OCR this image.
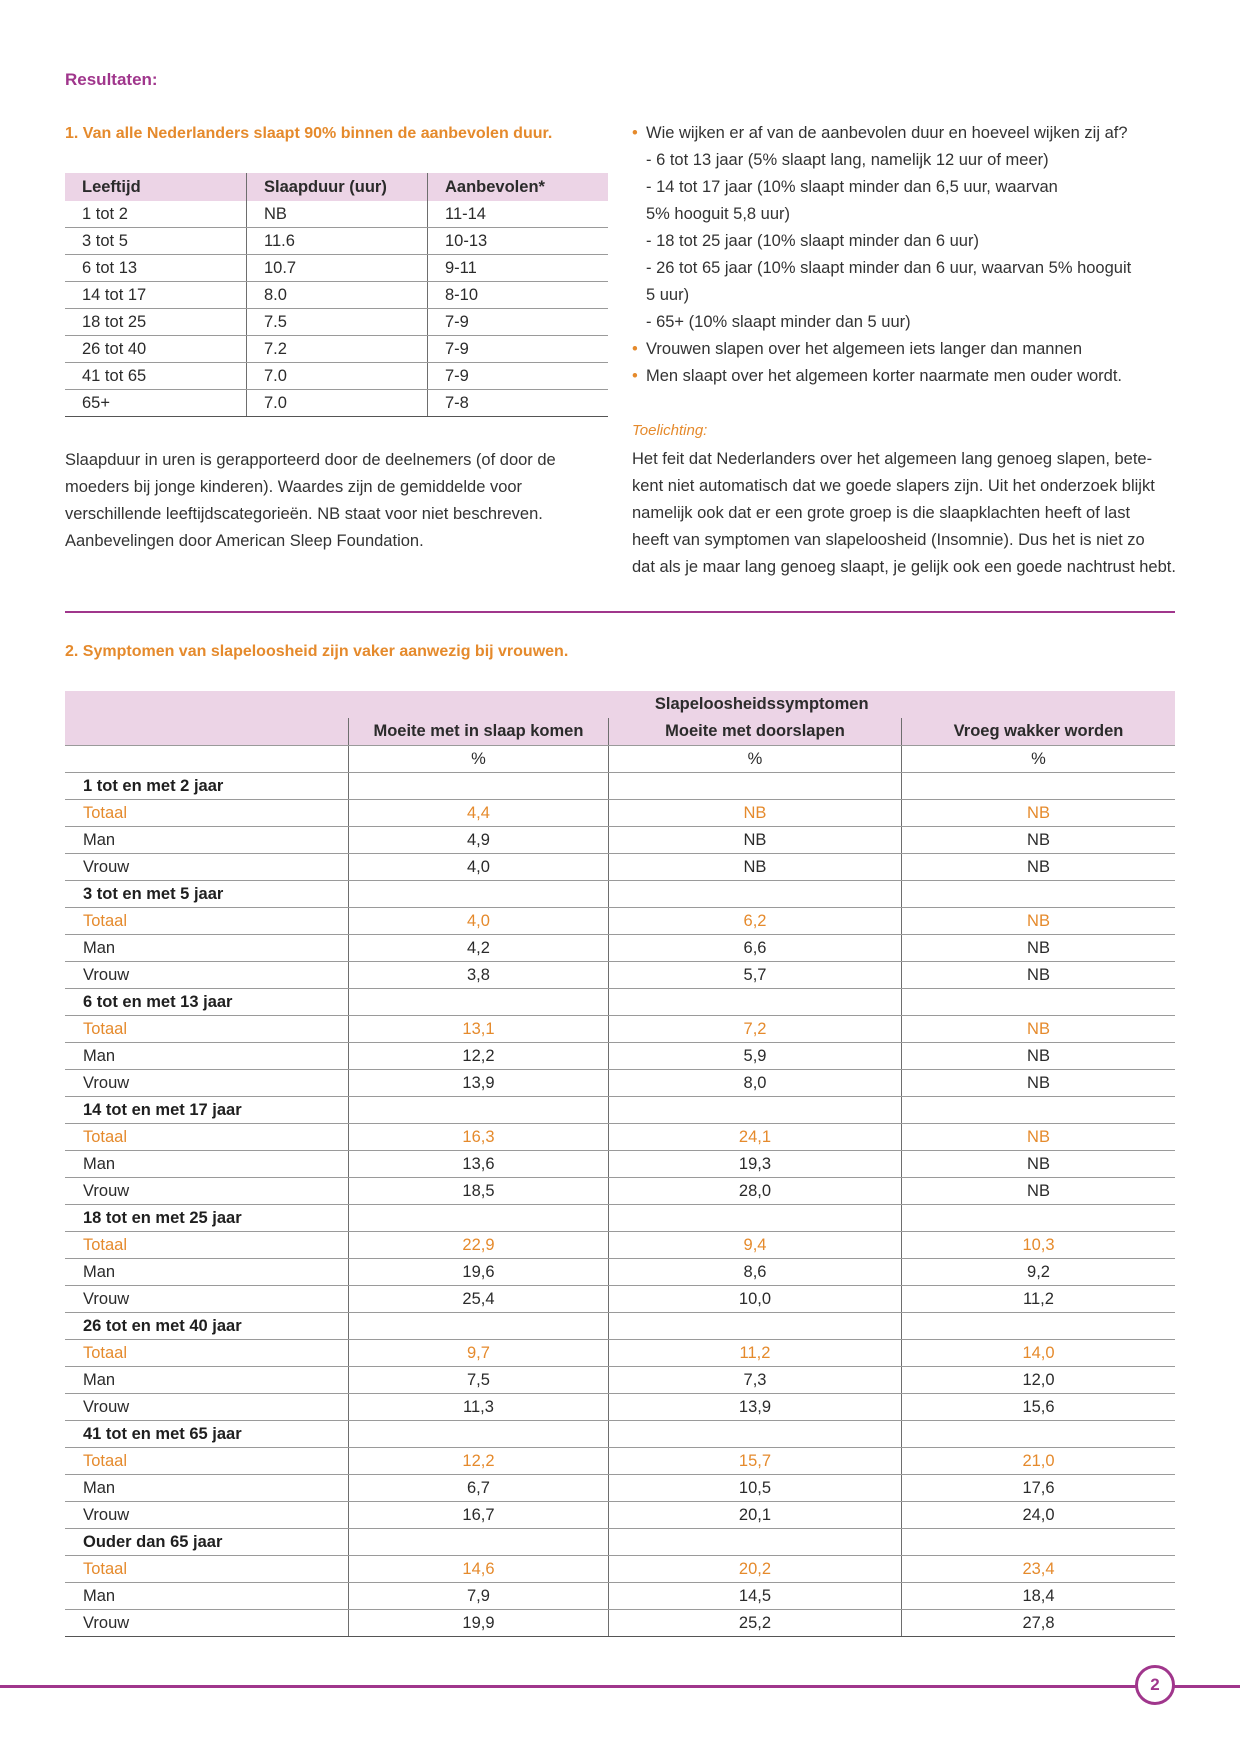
Resultaten:
1. Van alle Nederlanders slaapt 90% binnen de aanbevolen duur.
Leeftijd	Slaapduur (uur)	Aanbevolen*
1 tot 2	NB	11-14
3 tot 5	11.6	10-13
6 tot 13	10.7	9-11
14 tot 17	8.0	8-10
18 tot 25	7.5	7-9
26 tot 40	7.2	7-9
41 tot 65	7.0	7-9
65+	7.0	7-8
Slaapduur in uren is gerapporteerd door de deelnemers (of door de
moeders bij jonge kinderen). Waardes zijn de gemiddelde voor
verschillende leeftijdscategorieën. NB staat voor niet beschreven.
Aanbevelingen door American Sleep Foundation.
• Wie wijken er af van de aanbevolen duur en hoeveel wijken zij af?
- 6 tot 13 jaar (5% slaapt lang, namelijk 12 uur of meer)
- 14 tot 17 jaar (10% slaapt minder dan 6,5 uur, waarvan
5% hooguit 5,8 uur)
- 18 tot 25 jaar (10% slaapt minder dan 6 uur)
- 26 tot 65 jaar (10% slaapt minder dan 6 uur, waarvan 5% hooguit
5 uur)
- 65+ (10% slaapt minder dan 5 uur)
• Vrouwen slapen over het algemeen iets langer dan mannen
• Men slaapt over het algemeen korter naarmate men ouder wordt.
Toelichting:
Het feit dat Nederlanders over het algemeen lang genoeg slapen, bete-
kent niet automatisch dat we goede slapers zijn. Uit het onderzoek blijkt
namelijk ook dat er een grote groep is die slaapklachten heeft of last
heeft van symptomen van slapeloosheid (Insomnie). Dus het is niet zo
dat als je maar lang genoeg slaapt, je gelijk ook een goede nachtrust hebt.
2. Symptomen van slapeloosheid zijn vaker aanwezig bij vrouwen.
	Slapeloosheidssymptomen		
	Moeite met in slaap komen	Moeite met doorslapen	Vroeg wakker worden
	%	%	%
1 tot en met 2 jaar			
Totaal	4,4	NB	NB
Man	4,9	NB	NB
Vrouw	4,0	NB	NB
3 tot en met 5 jaar			
Totaal	4,0	6,2	NB
Man	4,2	6,6	NB
Vrouw	3,8	5,7	NB
6 tot en met 13 jaar			
Totaal	13,1	7,2	NB
Man	12,2	5,9	NB
Vrouw	13,9	8,0	NB
14 tot en met 17 jaar			
Totaal	16,3	24,1	NB
Man	13,6	19,3	NB
Vrouw	18,5	28,0	NB
18 tot en met 25 jaar			
Totaal	22,9	9,4	10,3
Man	19,6	8,6	9,2
Vrouw	25,4	10,0	11,2
26 tot en met 40 jaar			
Totaal	9,7	11,2	14,0
Man	7,5	7,3	12,0
Vrouw	11,3	13,9	15,6
41 tot en met 65 jaar			
Totaal	12,2	15,7	21,0
Man	6,7	10,5	17,6
Vrouw	16,7	20,1	24,0
Ouder dan 65 jaar			
Totaal	14,6	20,2	23,4
Man	7,9	14,5	18,4
Vrouw	19,9	25,2	27,8
2
